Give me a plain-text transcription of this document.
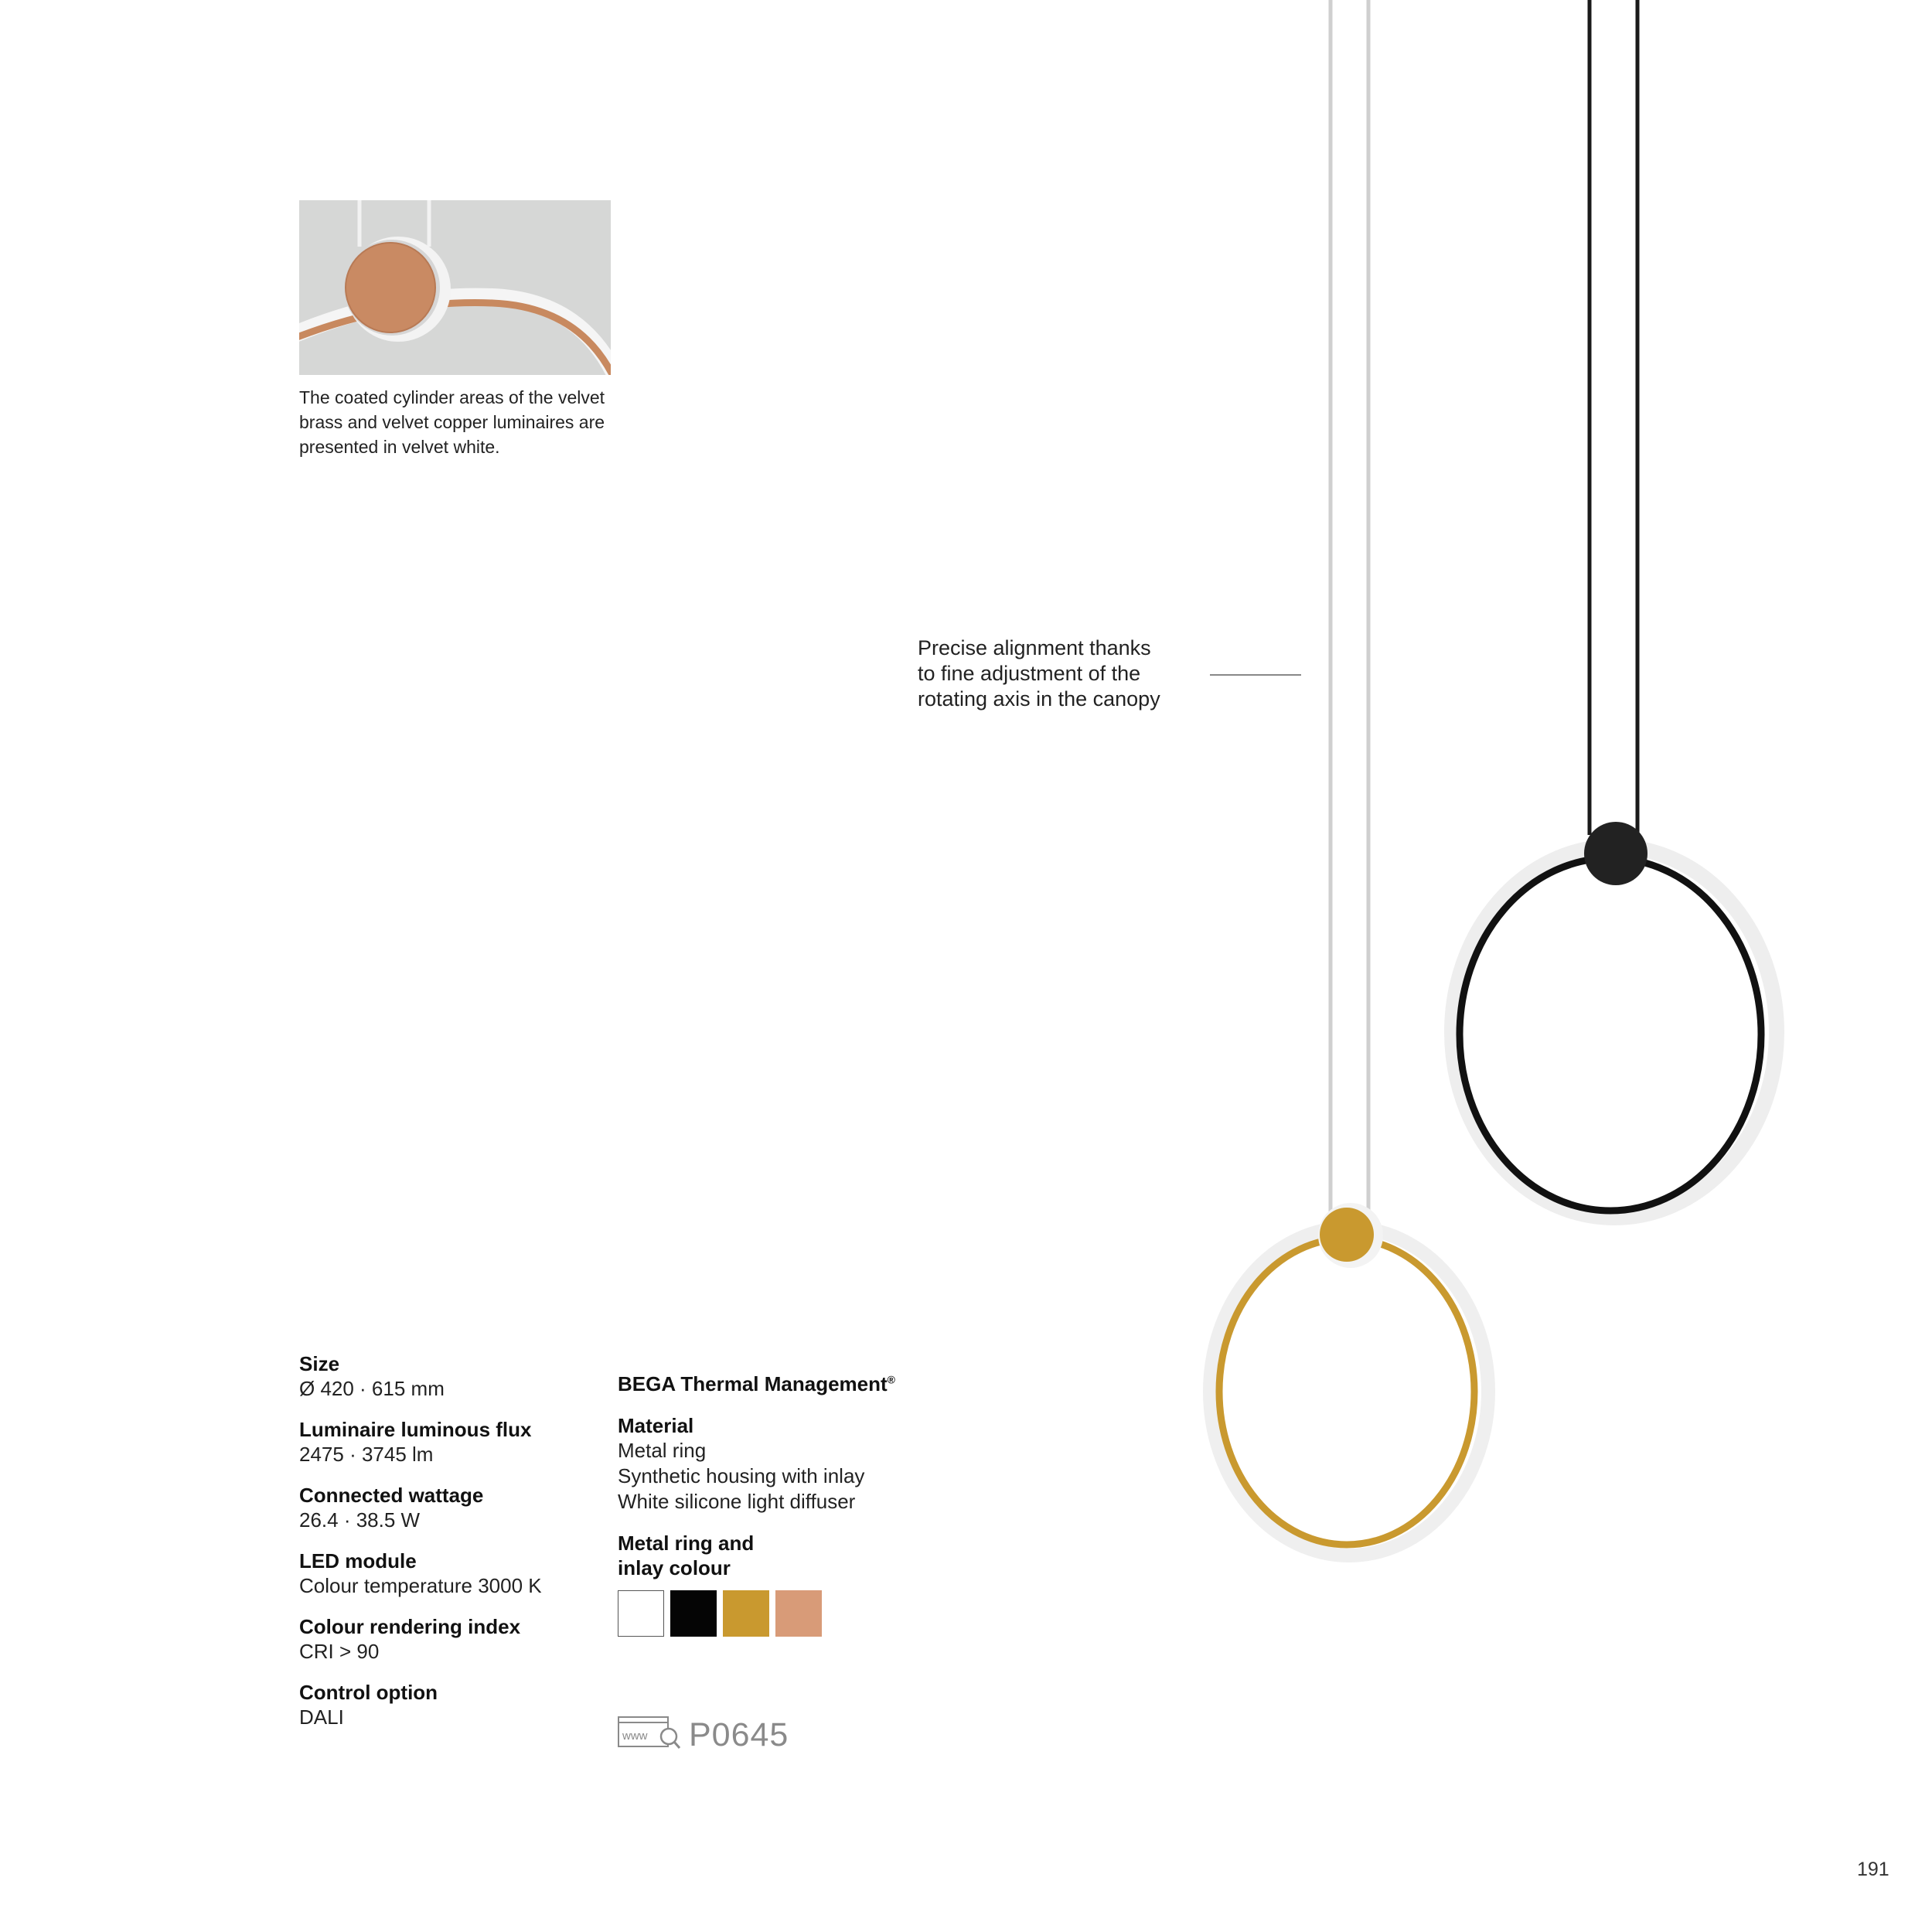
The coated cylinder areas of the velvet brass and velvet copper luminaires are presented in velvet white.
Precise alignment thanks
to fine adjustment of the
rotating axis in the canopy
Size
Ø 420 · 615 mm
Luminaire luminous flux
2475 · 3745 lm
Connected wattage
26.4 · 38.5 W
LED module
Colour temperature 3000 K
Colour rendering index
CRI > 90
Control option
DALI
BEGA Thermal Management®
Material
Metal ring
Synthetic housing with inlay
White silicone light diffuser
Metal ring and
inlay colour
www P0645
191
